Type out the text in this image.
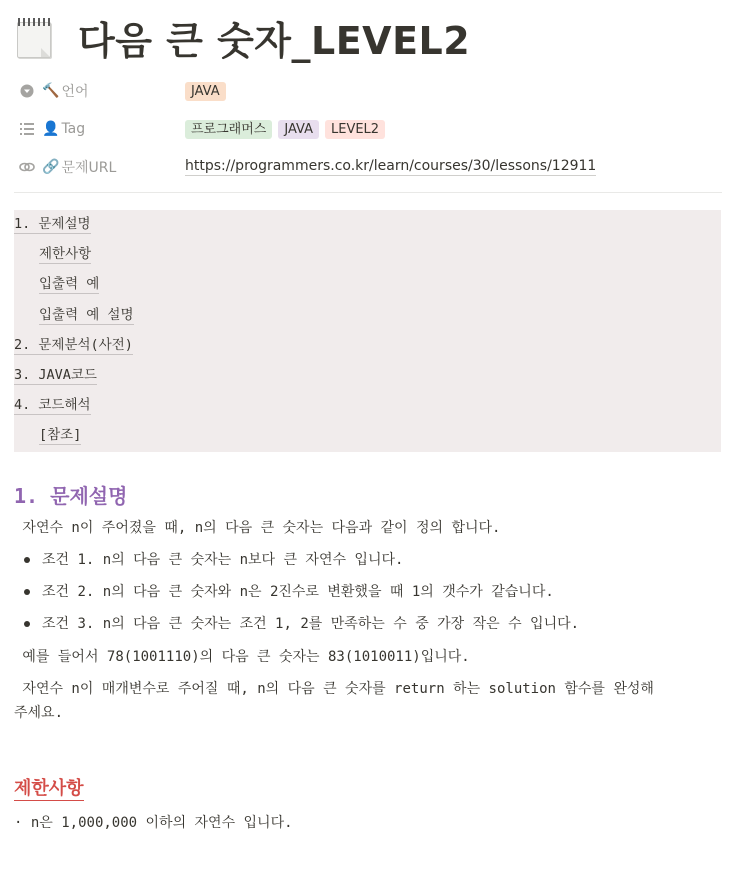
다음 큰 숫자_LEVEL2
🔨 언어	JAVA
👤 Tag	프로그래머스	JAVA	LEVEL2
🔗 문제URL	https://programmers.co.kr/learn/courses/30/lessons/12911
1. 문제설명
제한사항
입출력 예
입출력 예 설명
2. 문제분석(사전)
3. JAVA코드
4. 코드해석
[참조]
1. 문제설명
자연수 n이 주어졌을 때, n의 다음 큰 숫자는 다음과 같이 정의 합니다.
조건 1. n의 다음 큰 숫자는 n보다 큰 자연수 입니다.
조건 2. n의 다음 큰 숫자와 n은 2진수로 변환했을 때 1의 갯수가 같습니다.
조건 3. n의 다음 큰 숫자는 조건 1, 2를 만족하는 수 중 가장 작은 수 입니다.
예를 들어서 78(1001110)의 다음 큰 숫자는 83(1010011)입니다.
자연수 n이 매개변수로 주어질 때, n의 다음 큰 숫자를 return 하는 solution 함수를 완성해
주세요.
제한사항
· n은 1,000,000 이하의 자연수 입니다.
